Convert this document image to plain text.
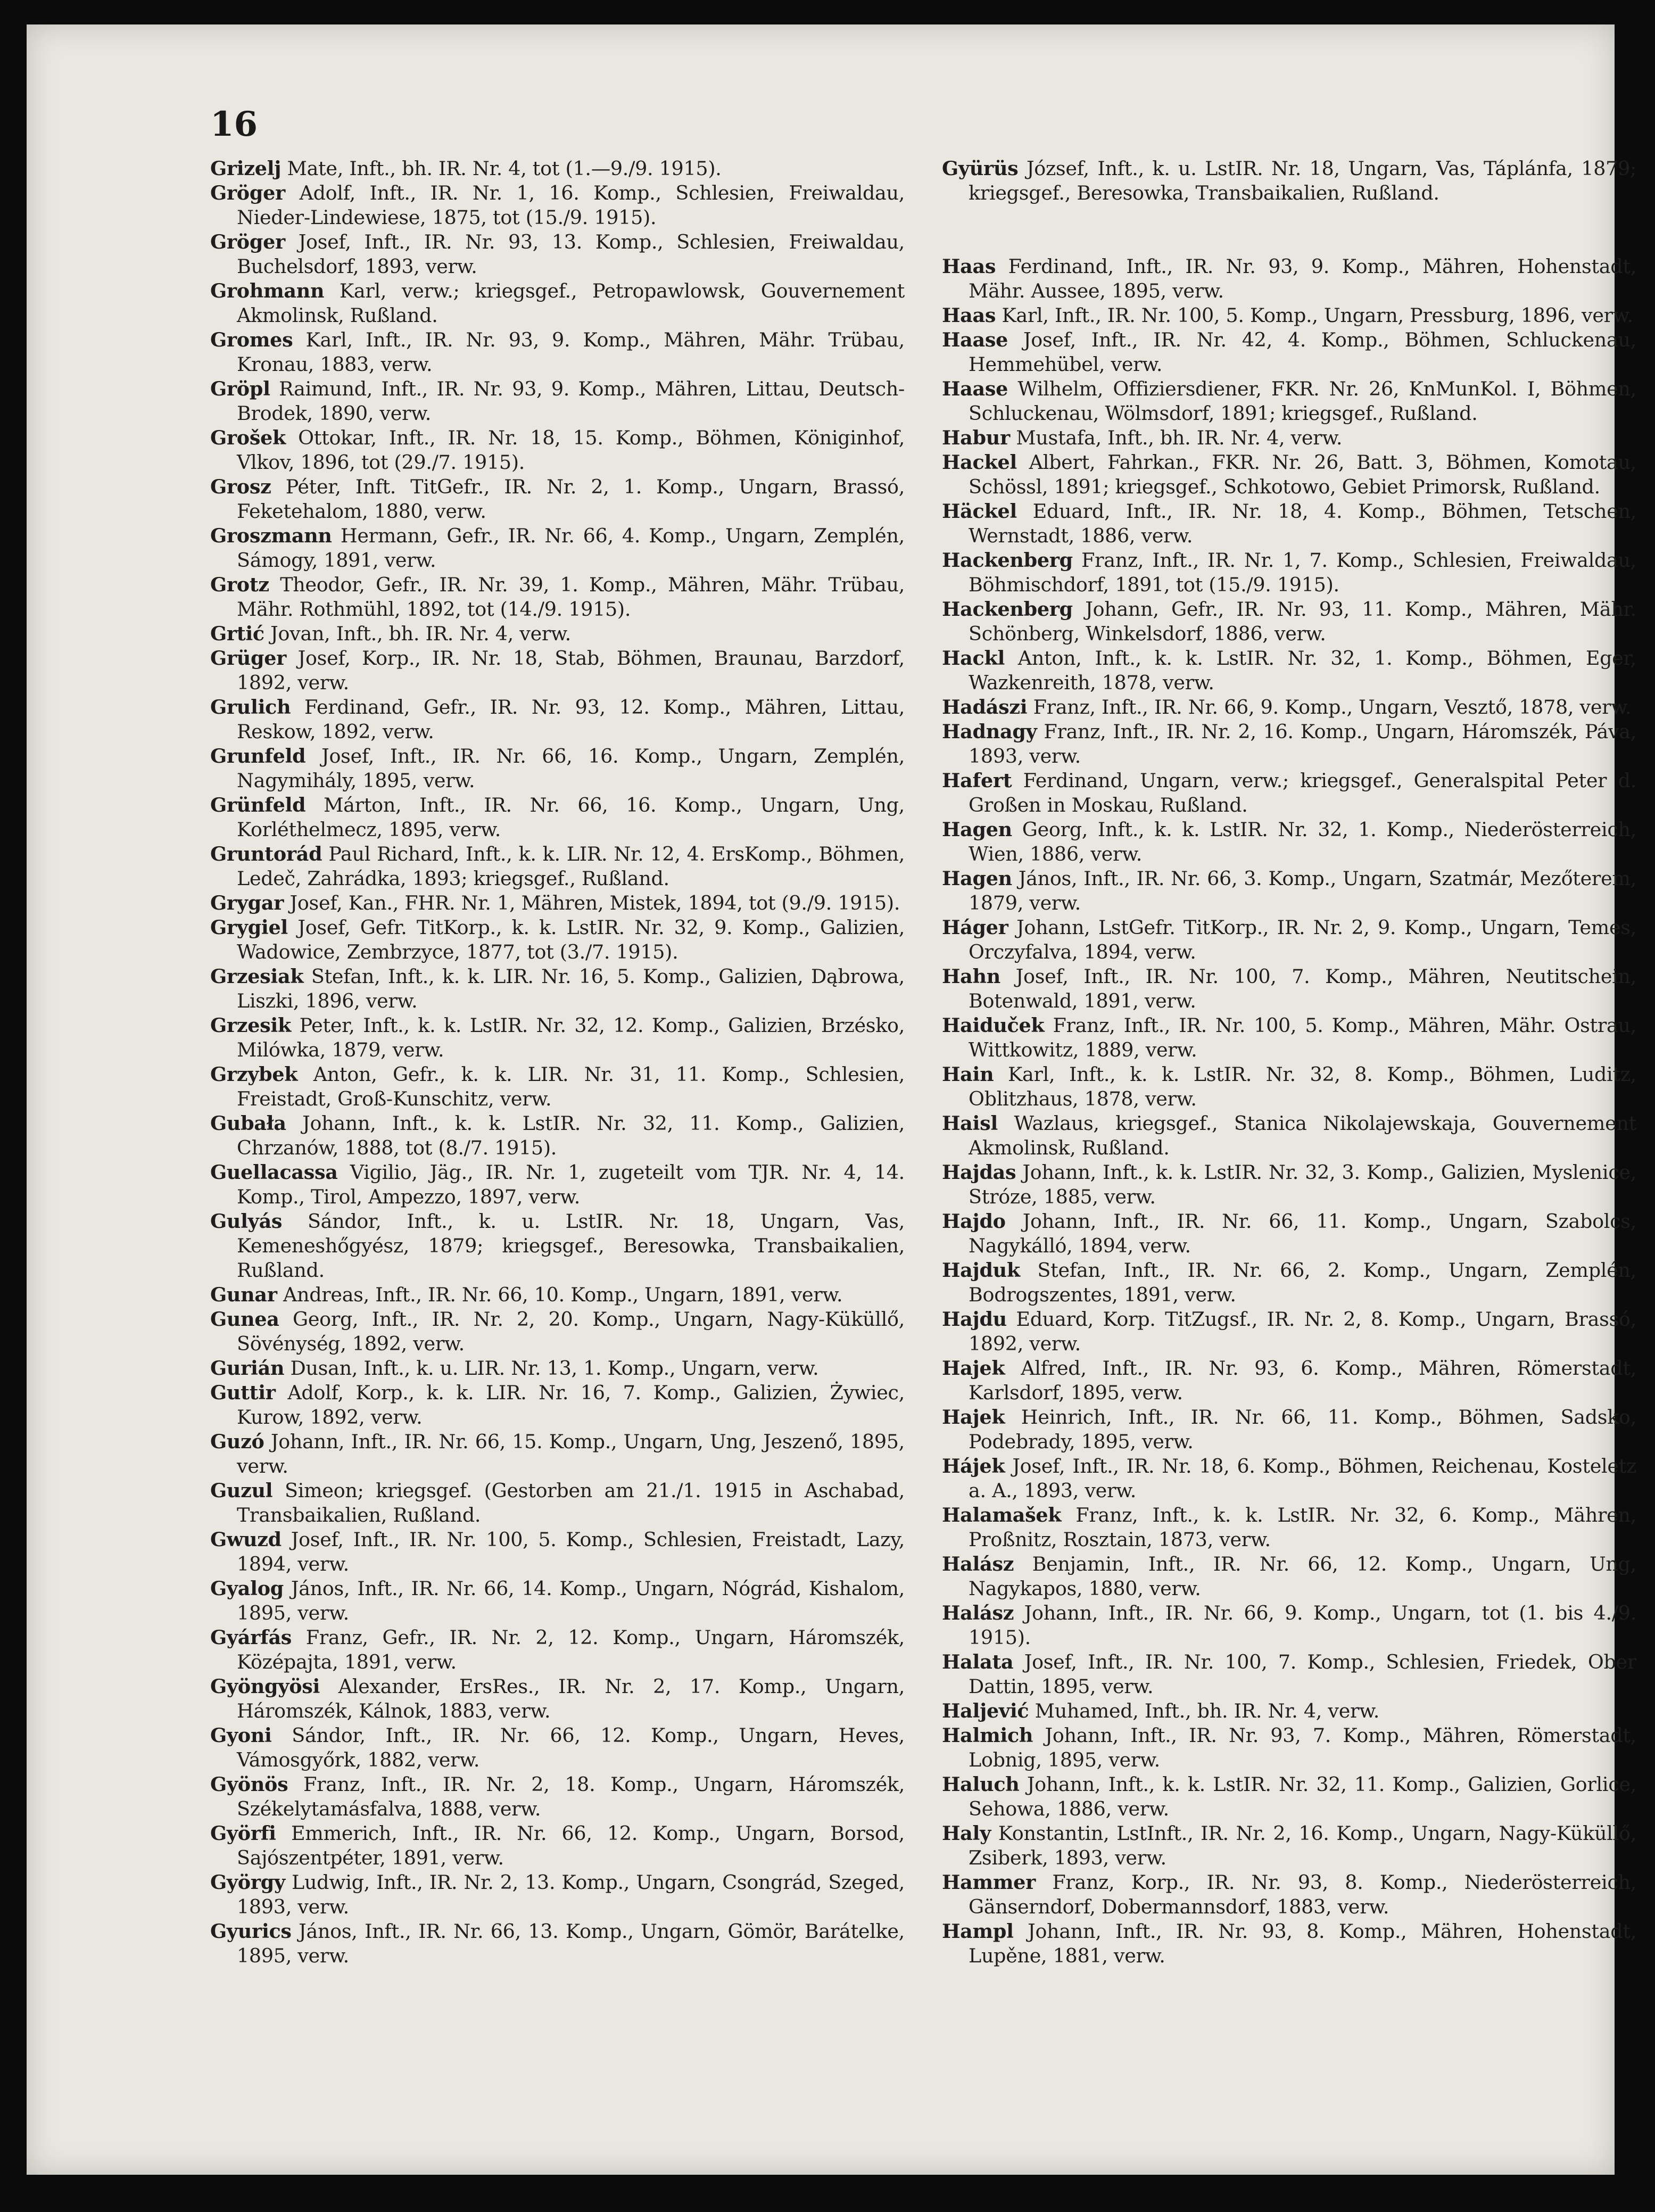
16

Grizelj Mate, Inft., bh. IR. Nr. 4, tot (1.—9./9. 1915).

Gröger Adolf, Inft., IR. Nr. 1, 16. Komp., Schlesien, Freiwaldau, Nieder-Lindewiese, 1875, tot (15./9. 1915).

Gröger Josef, Inft., IR. Nr. 93, 13. Komp., Schlesien, Freiwaldau, Buchelsdorf, 1893, verw.

Grohmann Karl, verw.; kriegsgef., Petropawlowsk, Gouvernement Akmolinsk, Rußland.

Gromes Karl, Inft., IR. Nr. 93, 9. Komp., Mähren, Mähr. Trübau, Kronau, 1883, verw.

Gröpl Raimund, Inft., IR. Nr. 93, 9. Komp., Mähren, Littau, Deutsch-Brodek, 1890, verw.

Grošek Ottokar, Inft., IR. Nr. 18, 15. Komp., Böhmen, Königinhof, Vlkov, 1896, tot (29./7. 1915).

Grosz Péter, Inft. TitGefr., IR. Nr. 2, 1. Komp., Ungarn, Brassó, Feketehalom, 1880, verw.

Groszmann Hermann, Gefr., IR. Nr. 66, 4. Komp., Ungarn, Zemplén, Sámogy, 1891, verw.

Grotz Theodor, Gefr., IR. Nr. 39, 1. Komp., Mähren, Mähr. Trübau, Mähr. Rothmühl, 1892, tot (14./9. 1915).

Grtić Jovan, Inft., bh. IR. Nr. 4, verw.

Grüger Josef, Korp., IR. Nr. 18, Stab, Böhmen, Braunau, Barzdorf, 1892, verw.

Grulich Ferdinand, Gefr., IR. Nr. 93, 12. Komp., Mähren, Littau, Reskow, 1892, verw.

Grunfeld Josef, Inft., IR. Nr. 66, 16. Komp., Ungarn, Zemplén, Nagymihály, 1895, verw.

Grünfeld Márton, Inft., IR. Nr. 66, 16. Komp., Ungarn, Ung, Korléthelmecz, 1895, verw.

Gruntorád Paul Richard, Inft., k. k. LIR. Nr. 12, 4. ErsKomp., Böhmen, Ledeč, Zahrádka, 1893; kriegsgef., Rußland.

Grygar Josef, Kan., FHR. Nr. 1, Mähren, Mistek, 1894, tot (9./9. 1915).

Grygiel Josef, Gefr. TitKorp., k. k. LstIR. Nr. 32, 9. Komp., Galizien, Wadowice, Zembrzyce, 1877, tot (3./7. 1915).

Grzesiak Stefan, Inft., k. k. LIR. Nr. 16, 5. Komp., Galizien, Dąbrowa, Liszki, 1896, verw.

Grzesik Peter, Inft., k. k. LstIR. Nr. 32, 12. Komp., Galizien, Brzésko, Milówka, 1879, verw.

Grzybek Anton, Gefr., k. k. LIR. Nr. 31, 11. Komp., Schlesien, Freistadt, Groß-Kunschitz, verw.

Gubała Johann, Inft., k. k. LstIR. Nr. 32, 11. Komp., Galizien, Chrzanów, 1888, tot (8./7. 1915).

Guellacassa Vigilio, Jäg., IR. Nr. 1, zugeteilt vom TJR. Nr. 4, 14. Komp., Tirol, Ampezzo, 1897, verw.

Gulyás Sándor, Inft., k. u. LstIR. Nr. 18, Ungarn, Vas, Kemeneshőgyész, 1879; kriegsgef., Beresowka, Transbaikalien, Rußland.

Gunar Andreas, Inft., IR. Nr. 66, 10. Komp., Ungarn, 1891, verw.

Gunea Georg, Inft., IR. Nr. 2, 20. Komp., Ungarn, Nagy-Küküllő, Sövénység, 1892, verw.

Gurián Dusan, Inft., k. u. LIR. Nr. 13, 1. Komp., Ungarn, verw.

Guttir Adolf, Korp., k. k. LIR. Nr. 16, 7. Komp., Galizien, Żywiec, Kurow, 1892, verw.

Guzó Johann, Inft., IR. Nr. 66, 15. Komp., Ungarn, Ung, Jeszenő, 1895, verw.

Guzul Simeon; kriegsgef. (Gestorben am 21./1. 1915 in Aschabad, Transbaikalien, Rußland.

Gwuzd Josef, Inft., IR. Nr. 100, 5. Komp., Schlesien, Freistadt, Lazy, 1894, verw.

Gyalog János, Inft., IR. Nr. 66, 14. Komp., Ungarn, Nógrád, Kishalom, 1895, verw.

Gyárfás Franz, Gefr., IR. Nr. 2, 12. Komp., Ungarn, Háromszék, Középajta, 1891, verw.

Gyöngyösi Alexander, ErsRes., IR. Nr. 2, 17. Komp., Ungarn, Háromszék, Kálnok, 1883, verw.

Gyoni Sándor, Inft., IR. Nr. 66, 12. Komp., Ungarn, Heves, Vámosgyőrk, 1882, verw.

Gyönös Franz, Inft., IR. Nr. 2, 18. Komp., Ungarn, Háromszék, Székelytamásfalva, 1888, verw.

Györfi Emmerich, Inft., IR. Nr. 66, 12. Komp., Ungarn, Borsod, Sajószentpéter, 1891, verw.

György Ludwig, Inft., IR. Nr. 2, 13. Komp., Ungarn, Csongrád, Szeged, 1893, verw.

Gyurics János, Inft., IR. Nr. 66, 13. Komp., Ungarn, Gömör, Barátelke, 1895, verw.

Gyürüs József, Inft., k. u. LstIR. Nr. 18, Ungarn, Vas, Táplánfa, 1879; kriegsgef., Beresowka, Transbaikalien, Rußland.

Haas Ferdinand, Inft., IR. Nr. 93, 9. Komp., Mähren, Hohenstadt, Mähr. Aussee, 1895, verw.

Haas Karl, Inft., IR. Nr. 100, 5. Komp., Ungarn, Pressburg, 1896, verw.

Haase Josef, Inft., IR. Nr. 42, 4. Komp., Böhmen, Schluckenau, Hemmehübel, verw.

Haase Wilhelm, Offiziersdiener, FKR. Nr. 26, KnMunKol. I, Böhmen, Schluckenau, Wölmsdorf, 1891; kriegsgef., Rußland.

Habur Mustafa, Inft., bh. IR. Nr. 4, verw.

Hackel Albert, Fahrkan., FKR. Nr. 26, Batt. 3, Böhmen, Komotau, Schössl, 1891; kriegsgef., Schkotowo, Gebiet Primorsk, Rußland.

Häckel Eduard, Inft., IR. Nr. 18, 4. Komp., Böhmen, Tetschen, Wernstadt, 1886, verw.

Hackenberg Franz, Inft., IR. Nr. 1, 7. Komp., Schlesien, Freiwaldau, Böhmischdorf, 1891, tot (15./9. 1915).

Hackenberg Johann, Gefr., IR. Nr. 93, 11. Komp., Mähren, Mähr. Schönberg, Winkelsdorf, 1886, verw.

Hackl Anton, Inft., k. k. LstIR. Nr. 32, 1. Komp., Böhmen, Eger, Wazkenreith, 1878, verw.

Hadászi Franz, Inft., IR. Nr. 66, 9. Komp., Ungarn, Vesztő, 1878, verw.

Hadnagy Franz, Inft., IR. Nr. 2, 16. Komp., Ungarn, Háromszék, Páva, 1893, verw.

Hafert Ferdinand, Ungarn, verw.; kriegsgef., Generalspital Peter d. Großen in Moskau, Rußland.

Hagen Georg, Inft., k. k. LstIR. Nr. 32, 1. Komp., Niederösterreich, Wien, 1886, verw.

Hagen János, Inft., IR. Nr. 66, 3. Komp., Ungarn, Szatmár, Mezőterem, 1879, verw.

Háger Johann, LstGefr. TitKorp., IR. Nr. 2, 9. Komp., Ungarn, Temes, Orczyfalva, 1894, verw.

Hahn Josef, Inft., IR. Nr. 100, 7. Komp., Mähren, Neutitschein, Botenwald, 1891, verw.

Haiduček Franz, Inft., IR. Nr. 100, 5. Komp., Mähren, Mähr. Ostrau, Wittkowitz, 1889, verw.

Hain Karl, Inft., k. k. LstIR. Nr. 32, 8. Komp., Böhmen, Luditz, Oblitzhaus, 1878, verw.

Haisl Wazlaus, kriegsgef., Stanica Nikolajewskaja, Gouvernement Akmolinsk, Rußland.

Hajdas Johann, Inft., k. k. LstIR. Nr. 32, 3. Komp., Galizien, Myslenice, Stróze, 1885, verw.

Hajdo Johann, Inft., IR. Nr. 66, 11. Komp., Ungarn, Szabolcs, Nagykálló, 1894, verw.

Hajduk Stefan, Inft., IR. Nr. 66, 2. Komp., Ungarn, Zemplén, Bodrogszentes, 1891, verw.

Hajdu Eduard, Korp. TitZugsf., IR. Nr. 2, 8. Komp., Ungarn, Brassó, 1892, verw.

Hajek Alfred, Inft., IR. Nr. 93, 6. Komp., Mähren, Römerstadt, Karlsdorf, 1895, verw.

Hajek Heinrich, Inft., IR. Nr. 66, 11. Komp., Böhmen, Sadsko, Podebrady, 1895, verw.

Hájek Josef, Inft., IR. Nr. 18, 6. Komp., Böhmen, Reichenau, Kosteletz a. A., 1893, verw.

Halamašek Franz, Inft., k. k. LstIR. Nr. 32, 6. Komp., Mähren, Proßnitz, Rosztain, 1873, verw.

Halász Benjamin, Inft., IR. Nr. 66, 12. Komp., Ungarn, Ung, Nagykapos, 1880, verw.

Halász Johann, Inft., IR. Nr. 66, 9. Komp., Ungarn, tot (1. bis 4./9. 1915).

Halata Josef, Inft., IR. Nr. 100, 7. Komp., Schlesien, Friedek, Ober Dattin, 1895, verw.

Haljević Muhamed, Inft., bh. IR. Nr. 4, verw.

Halmich Johann, Inft., IR. Nr. 93, 7. Komp., Mähren, Römerstadt, Lobnig, 1895, verw.

Haluch Johann, Inft., k. k. LstIR. Nr. 32, 11. Komp., Galizien, Gorlice, Sehowa, 1886, verw.

Haly Konstantin, LstInft., IR. Nr. 2, 16. Komp., Ungarn, Nagy-Küküllő, Zsiberk, 1893, verw.

Hammer Franz, Korp., IR. Nr. 93, 8. Komp., Niederösterreich, Gänserndorf, Dobermannsdorf, 1883, verw.

Hampl Johann, Inft., IR. Nr. 93, 8. Komp., Mähren, Hohenstadt, Lupěne, 1881, verw.
